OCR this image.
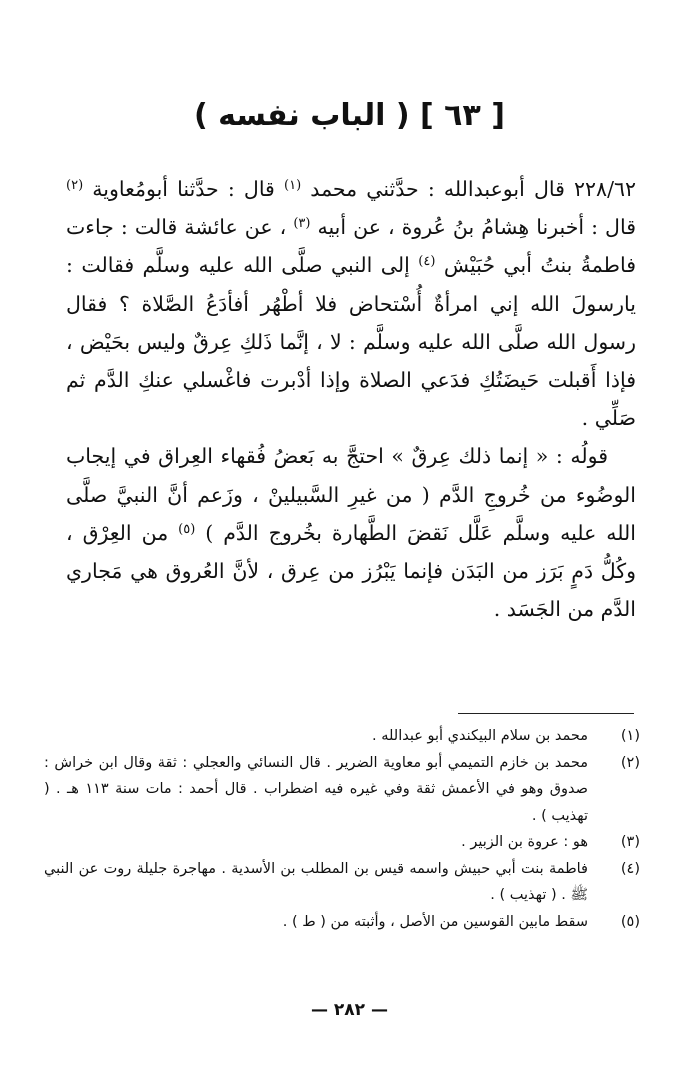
[ ٦٣ ] ( الباب نفسه )

٢٢٨/٦٢ قال أبوعبدالله : حدَّثني محمد $^{(١)}$ قال : حدَّثنا أبومُعاوية $^{(٢)}$ قال : أخبرنا هِشامُ بنُ عُروة ، عن أبيه $^{(٣)}$ ، عن عائشة قالت : جاءت فاطمةُ بنتُ أبي حُبَيْش $^{(٤)}$ إلى النبي صلَّى الله عليه وسلَّم فقالت : يارسولَ الله إني امرأةٌ أُسْتحاض فلا أطْهُر أفأدَعُ الصَّلاة ؟ فقال رسول الله صلَّى الله عليه وسلَّم : لا ، إنَّما ذَلكِ عِرقٌ وليس بحَيْض ، فإذا أَقبلت حَيضَتُكِ فدَعي الصلاة وإذا أدْبرت فاغْسلي عنكِ الدَّم ثم صَلِّي .

قولُه : « إنما ذلك عِرقٌ » احتجَّ به بَعضُ فُقهاء العِراق في إيجاب الوضُوء من خُروجِ الدَّم ( من غيرِ السَّبيلينْ ، وزَعم أنَّ النبيَّ صلَّى الله عليه وسلَّم عَلَّل نَقضَ الطَّهارة بخُروج الدَّم ) $^{(٥)}$ من العِرْق ، وكُلُّ دَمٍ بَرَز من البَدَن فإنما يَبْرُز من عِرق ، لأنَّ العُروق هي مَجاري الدَّم من الجَسَد .

(١)
محمد بن سلام البيكندي أبو عبدالله .
(٢)
محمد بن خازم التميمي أبو معاوية الضرير . قال النسائي والعجلي : ثقة وقال ابن خراش : صدوق وهو في الأعمش ثقة وفي غيره فيه اضطراب . قال أحمد : مات سنة ١١٣ هـ . ( تهذيب ) .
(٣)
هو : عروة بن الزبير .
(٤)
فاطمة بنت أبي حبيش واسمه قيس بن المطلب بن الأسدية . مهاجرة جليلة روت عن النبي ﷺ . ( تهذيب ) .
(٥)
سقط مابين القوسين من الأصل ، وأثبته من ( ط ) .
— ٢٨٢ —
